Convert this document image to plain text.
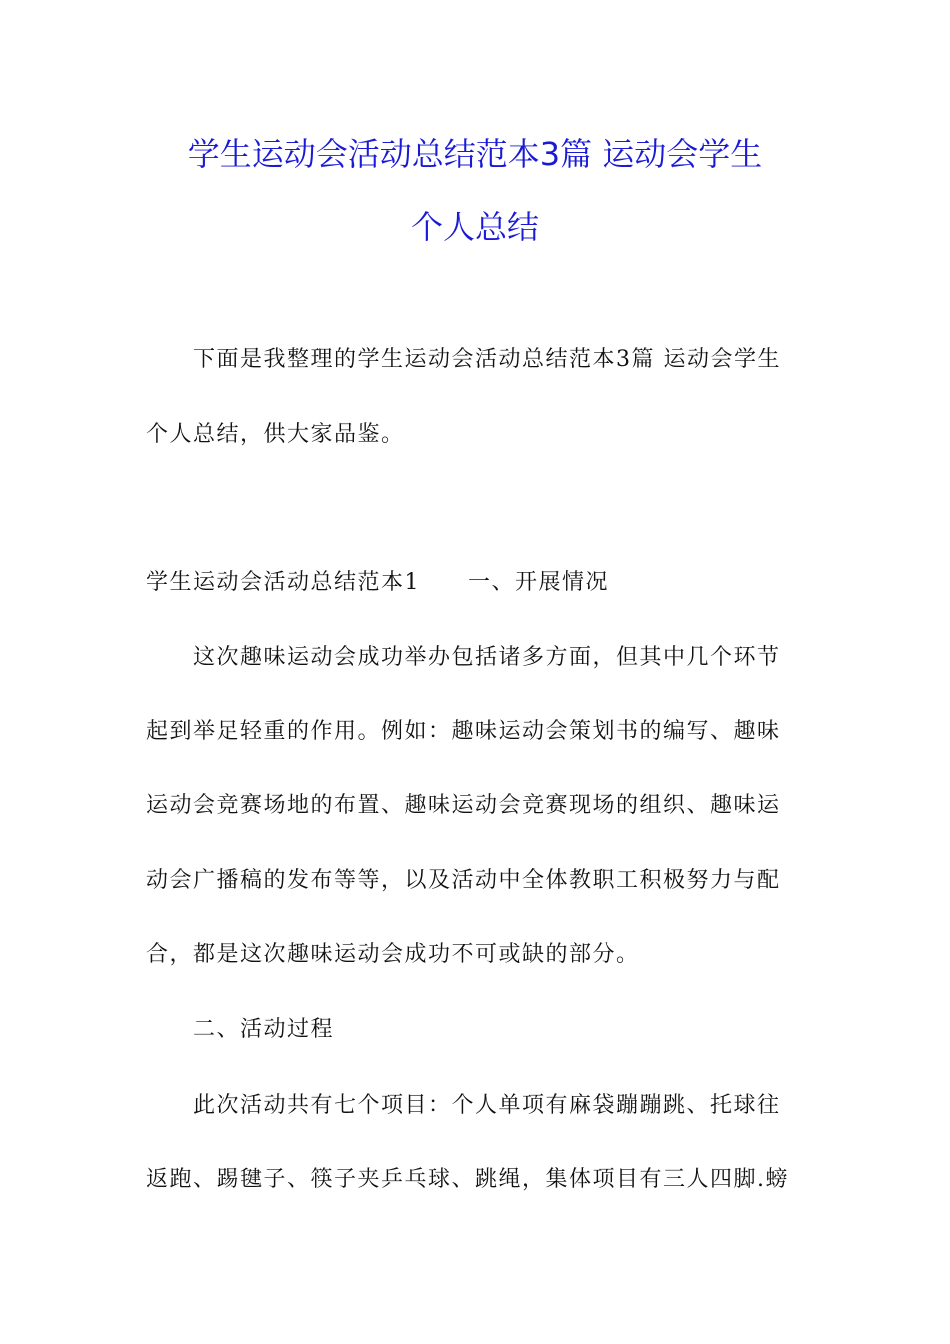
学生运动会活动总结范本3篇 运动会学生
个人总结
下面是我整理的学生运动会活动总结范本3篇 运动会学生
个人总结，供大家品鉴。
学生运动会活动总结范本1 一、开展情况
这次趣味运动会成功举办包括诸多方面，但其中几个环节
起到举足轻重的作用。例如：趣味运动会策划书的编写、趣味
运动会竞赛场地的布置、趣味运动会竞赛现场的组织、趣味运
动会广播稿的发布等等，以及活动中全体教职工积极努力与配
合，都是这次趣味运动会成功不可或缺的部分。
二、活动过程
此次活动共有七个项目：个人单项有麻袋蹦蹦跳、托球往
返跑、踢毽子、筷子夹乒乓球、跳绳，集体项目有三人四脚.螃
